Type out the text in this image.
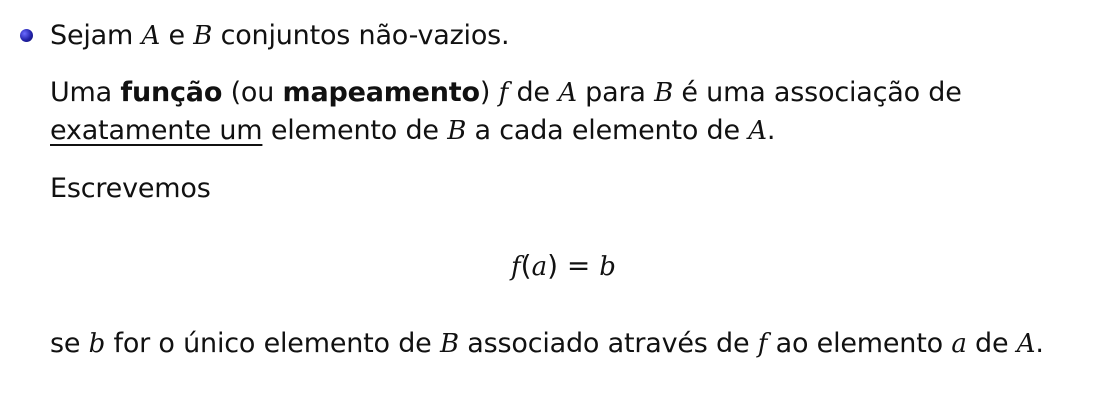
Sejam A e B conjuntos não-vazios.
Uma função (ou mapeamento) f de A para B é uma associação de
exatamente um elemento de B a cada elemento de A.
Escrevemos
f(a) = b
se b for o único elemento de B associado através de f ao elemento a de A.
